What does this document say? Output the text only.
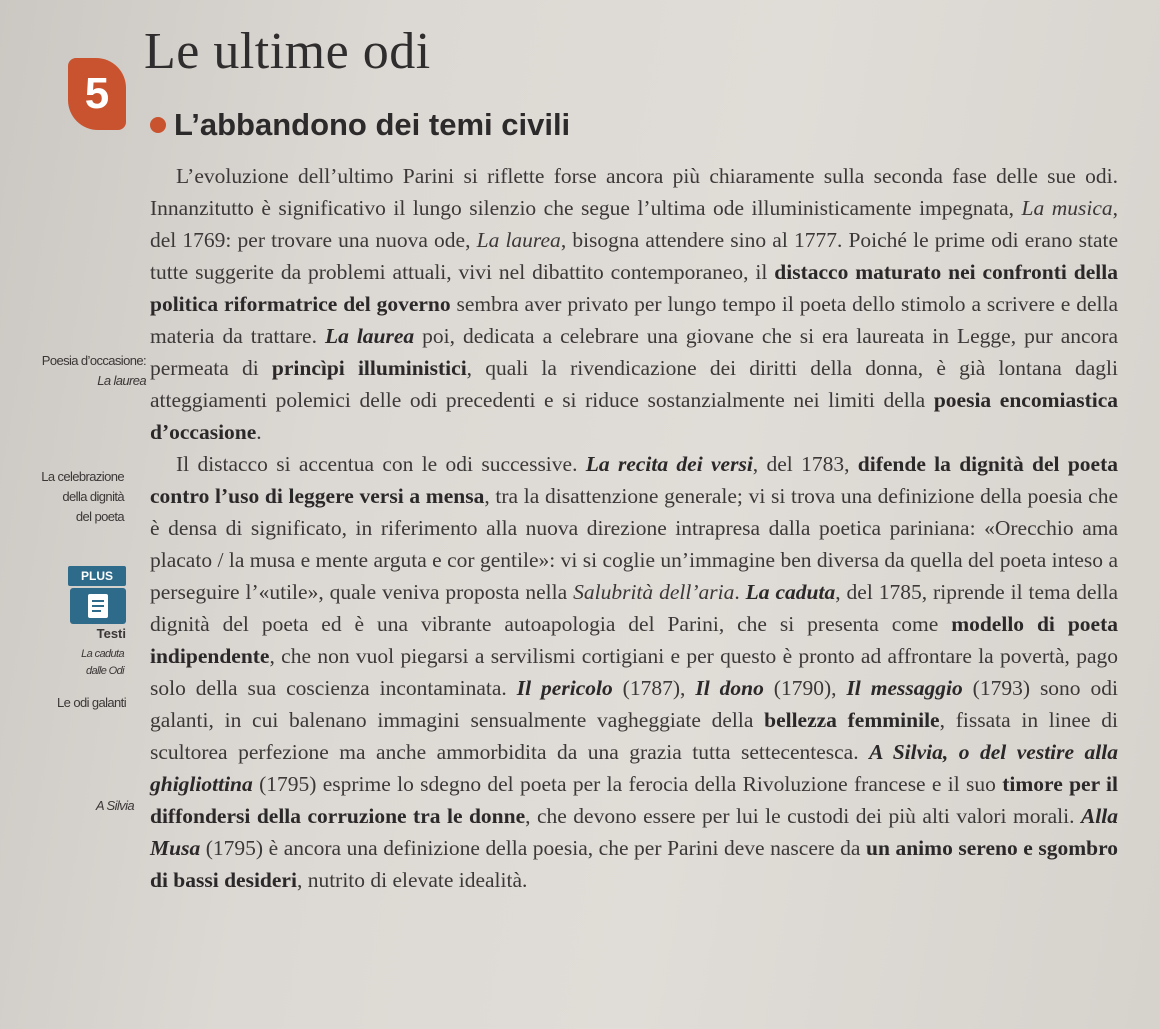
5
Le ultime odi
L’abbandono dei temi civili
Poesia d’occasione:
La laurea
La celebrazione
della dignità
del poeta
PLUS
Testi
La caduta
dalle Odi
Le odi galanti
A Silvia

L’evoluzione dell’ultimo Parini si riflette forse ancora più chiaramente sulla seconda fase delle sue odi. Innanzitutto è significativo il lungo silenzio che segue l’ultima ode illuministicamente impegnata, La musica, del 1769: per trovare una nuova ode, La laurea, bisogna attendere sino al 1777. Poiché le prime odi erano state tutte suggerite da problemi attuali, vivi nel dibattito contemporaneo, il distacco maturato nei confronti della politica riformatrice del governo sembra aver privato per lungo tempo il poeta dello stimolo a scrivere e della materia da trattare. La laurea poi, dedicata a celebrare una giovane che si era laureata in Legge, pur ancora permeata di princìpi illuministici, quali la rivendicazione dei diritti della donna, è già lontana dagli atteggiamenti polemici delle odi precedenti e si riduce sostanzialmente nei limiti della poesia encomiastica d’occasione.

Il distacco si accentua con le odi successive. La recita dei versi, del 1783, difende la dignità del poeta contro l’uso di leggere versi a mensa, tra la disattenzione generale; vi si trova una definizione della poesia che è densa di significato, in riferimento alla nuova direzione intrapresa dalla poetica pariniana: «Orecchio ama placato / la musa e mente arguta e cor gentile»: vi si coglie un’immagine ben diversa da quella del poeta inteso a perseguire l’«utile», quale veniva proposta nella Salubrità dell’aria. La caduta, del 1785, riprende il tema della dignità del poeta ed è una vibrante autoapologia del Parini, che si presenta come modello di poeta indipendente, che non vuol piegarsi a servilismi cortigiani e per questo è pronto ad affrontare la povertà, pago solo della sua coscienza incontaminata. Il pericolo (1787), Il dono (1790), Il messaggio (1793) sono odi galanti, in cui balenano immagini sensualmente vagheggiate della bellezza femminile, fissata in linee di scultorea perfezione ma anche ammorbidita da una grazia tutta settecentesca. A Silvia, o del vestire alla ghigliottina (1795) esprime lo sdegno del poeta per la ferocia della Rivoluzione francese e il suo timore per il diffondersi della corruzione tra le donne, che devono essere per lui le custodi dei più alti valori morali. Alla Musa (1795) è ancora una definizione della poesia, che per Parini deve nascere da un animo sereno e sgombro di bassi desideri, nutrito di elevate idealità.
